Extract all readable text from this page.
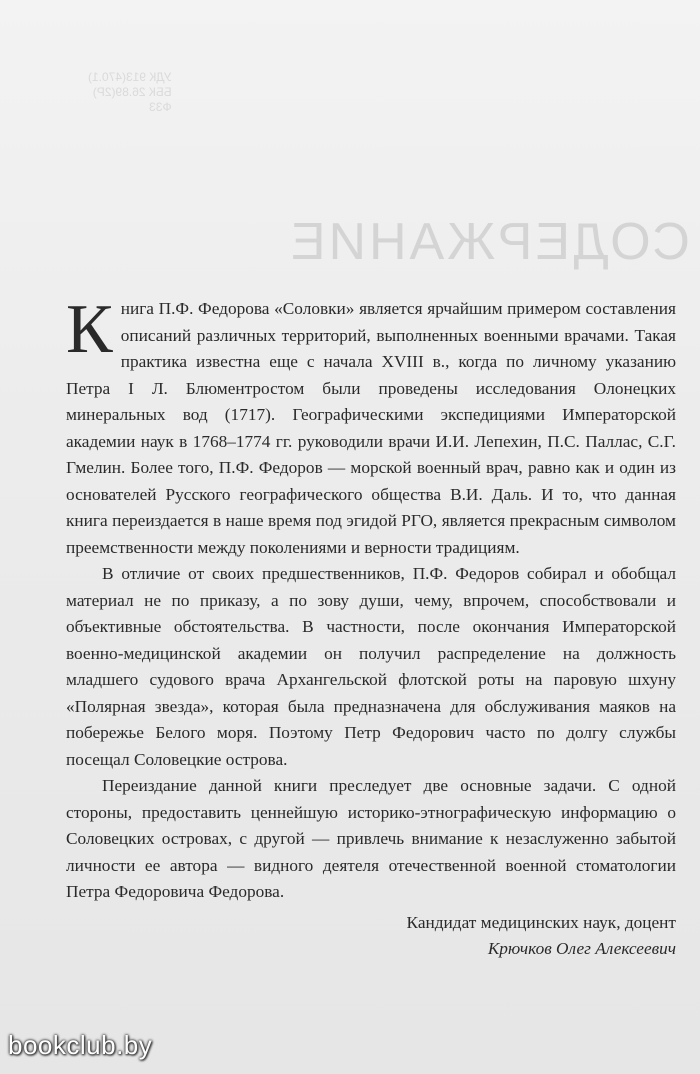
УДК 913(470.1)
ББК 26.89(2Р)
Ф33
СОДЕРЖАНИЕ

Книга П.Ф. Федорова «Соловки» является ярчайшим примером составления описаний различных территорий, выполненных военными врачами. Такая практика известна еще с начала XVIII в., когда по личному указанию Петра I Л. Блюментростом были проведены исследования Олонецких минеральных вод (1717). Географическими экспедициями Императорской академии наук в 1768–1774 гг. руководили врачи И.И. Лепехин, П.С. Паллас, С.Г. Гмелин. Более того, П.Ф. Федоров — морской военный врач, равно как и один из основателей Русского географического общества В.И. Даль. И то, что данная книга переиздается в наше время под эгидой РГО, является прекрасным символом преемственности между поколениями и верности традициям.

В отличие от своих предшественников, П.Ф. Федоров собирал и обобщал материал не по приказу, а по зову души, чему, впрочем, способствовали и объективные обстоятельства. В частности, после окончания Императорской военно-медицинской академии он получил распределение на должность младшего судового врача Архангельской флотской роты на паровую шхуну «Полярная звезда», которая была предназначена для обслуживания маяков на побережье Белого моря. Поэтому Петр Федорович часто по долгу службы посещал Соловецкие острова.

Переиздание данной книги преследует две основные задачи. С одной стороны, предоставить ценнейшую историко-этнографическую информацию о Соловецких островах, с другой — привлечь внимание к незаслуженно забытой личности ее автора — видного деятеля отечественной военной стоматологии Петра Федоровича Федорова.

Кандидат медицинских наук, доцент
Крючков Олег Алексеевич
bookclub.by
